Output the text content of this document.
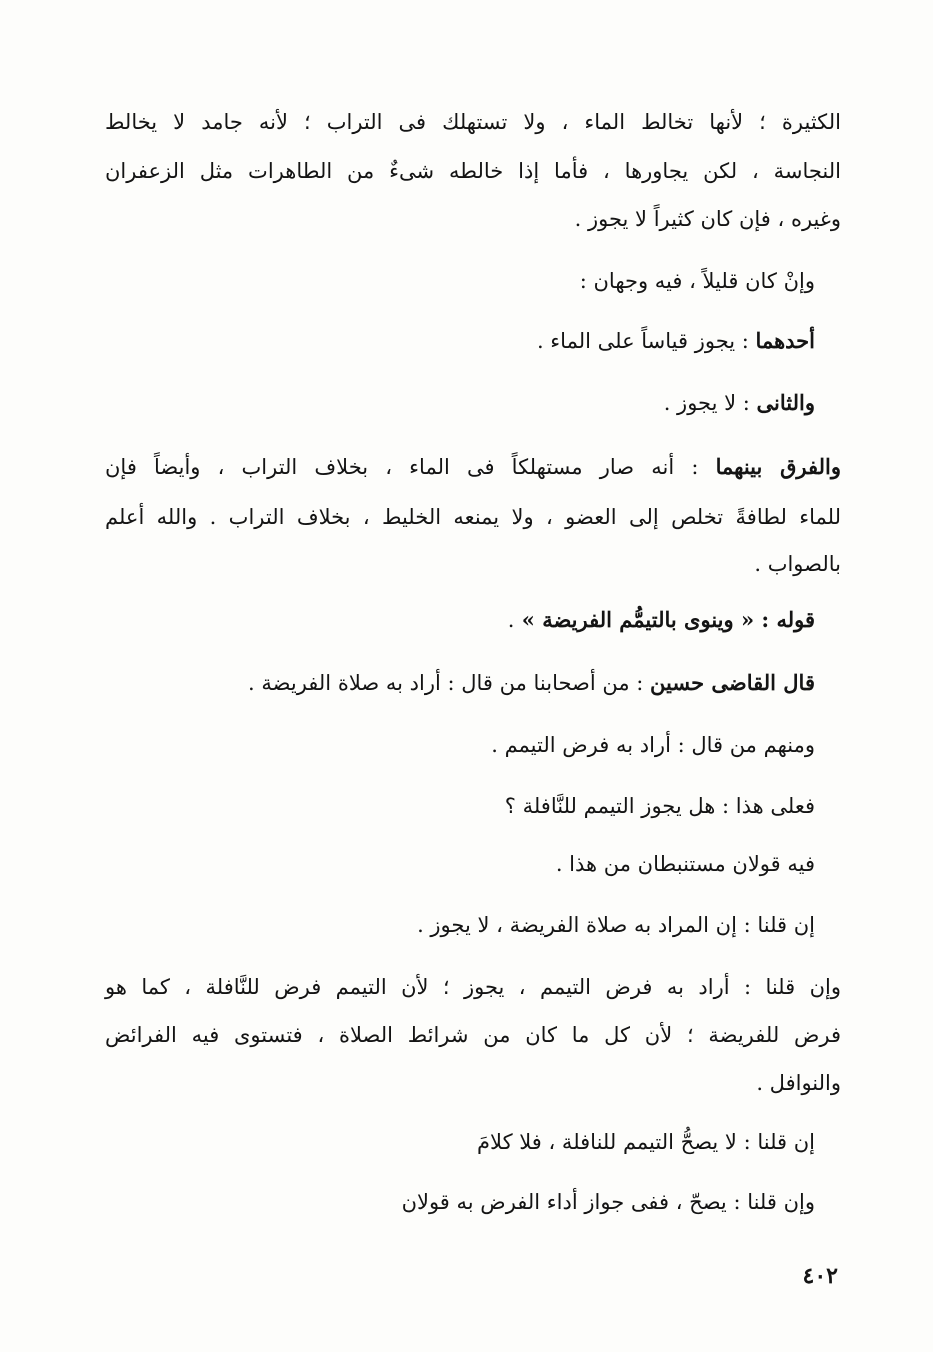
الكثيرة ؛ لأنها تخالط الماء ، ولا تستهلك فى التراب ؛ لأنه جامد لا يخالط
النجاسة ، لكن يجاورها ، فأما إذا خالطه شىءٌ من الطاهرات مثل الزعفران
وغيره ، فإن كان كثيراً لا يجوز .
وإنْ كان قليلاً ، فيه وجهان :
أحدهما : يجوز قياساً على الماء .
والثانى : لا يجوز .
والفرق بينهما : أنه صار مستهلكاً فى الماء ، بخلاف التراب ، وأيضاً فإن
للماء لطافةً تخلص إلى العضو ، ولا يمنعه الخليط ، بخلاف التراب . والله أعلم
بالصواب .
قوله : « وينوى بالتيمُّم الفريضة » .
قال القاضى حسين : من أصحابنا من قال : أراد به صلاة الفريضة .
ومنهم من قال : أراد به فرض التيمم .
فعلى هذا : هل يجوز التيمم للنَّافلة ؟
فيه قولان مستنبطان من هذا .
إن قلنا : إن المراد به صلاة الفريضة ، لا يجوز .
وإن قلنا : أراد به فرض التيمم ، يجوز ؛ لأن التيمم فرض للنَّافلة ، كما هو
فرض للفريضة ؛ لأن كل ما كان من شرائط الصلاة ، فتستوى فيه الفرائض
والنوافل .
إن قلنا : لا يصحُّ التيمم للنافلة ، فلا كلامَ
وإن قلنا : يصحّ ، ففى جواز أداء الفرض به قولان
٤٠٢
